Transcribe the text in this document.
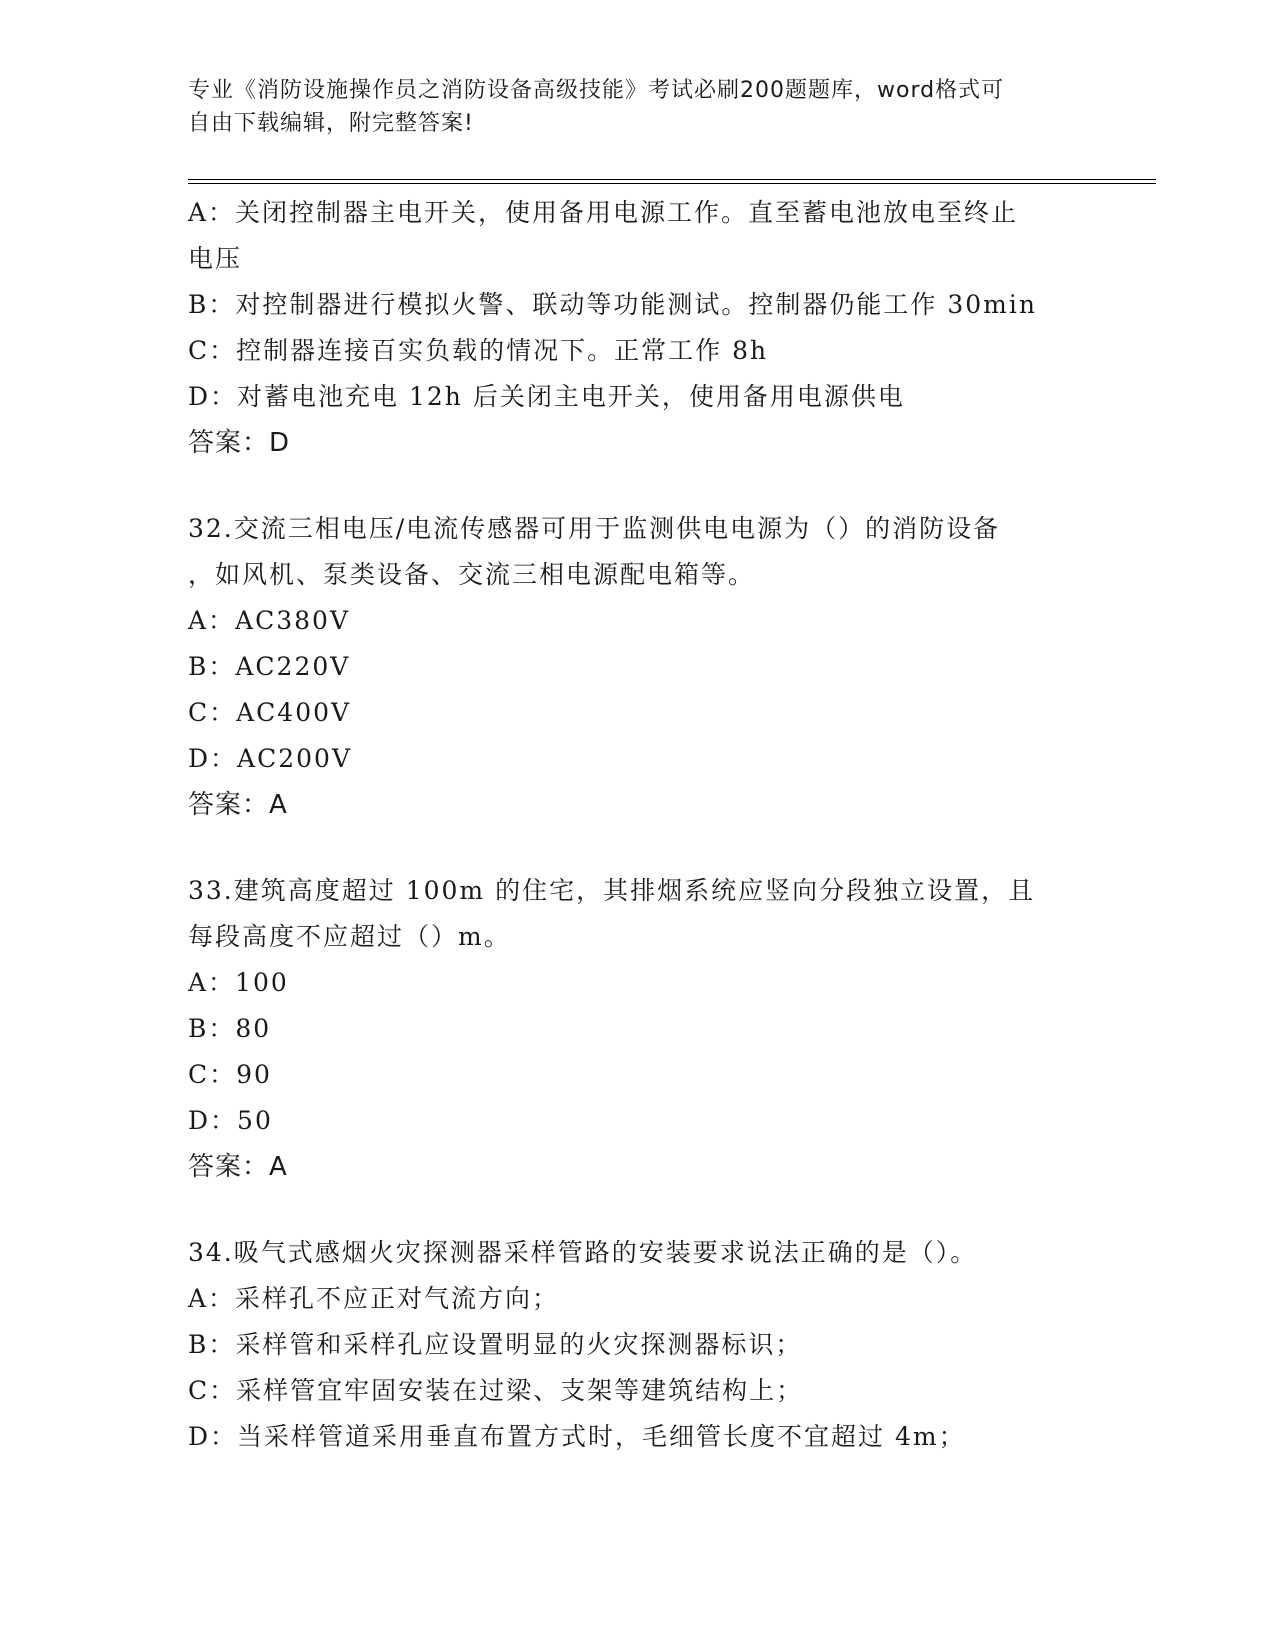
专业《消防设施操作员之消防设备高级技能》考试必刷200题题库，word格式可
自由下载编辑，附完整答案!
A：关闭控制器主电开关，使用备用电源工作。直至蓄电池放电至终止
电压
B：对控制器进行模拟火警、联动等功能测试。控制器仍能工作 30min
C：控制器连接百实负载的情况下。正常工作 8h
D：对蓄电池充电 12h 后关闭主电开关，使用备用电源供电
答案：D
32.交流三相电压/电流传感器可用于监测供电电源为（）的消防设备
，如风机、泵类设备、交流三相电源配电箱等。
A：AC380V
B：AC220V
C：AC400V
D：AC200V
答案：A
33.建筑高度超过 100m 的住宅，其排烟系统应竖向分段独立设置，且
每段高度不应超过（）m。
A：100
B：80
C：90
D：50
答案：A
34.吸气式感烟火灾探测器采样管路的安装要求说法正确的是（）。
A：采样孔不应正对气流方向；
B：采样管和采样孔应设置明显的火灾探测器标识；
C：采样管宜牢固安装在过梁、支架等建筑结构上；
D：当采样管道采用垂直布置方式时，毛细管长度不宜超过 4m；
